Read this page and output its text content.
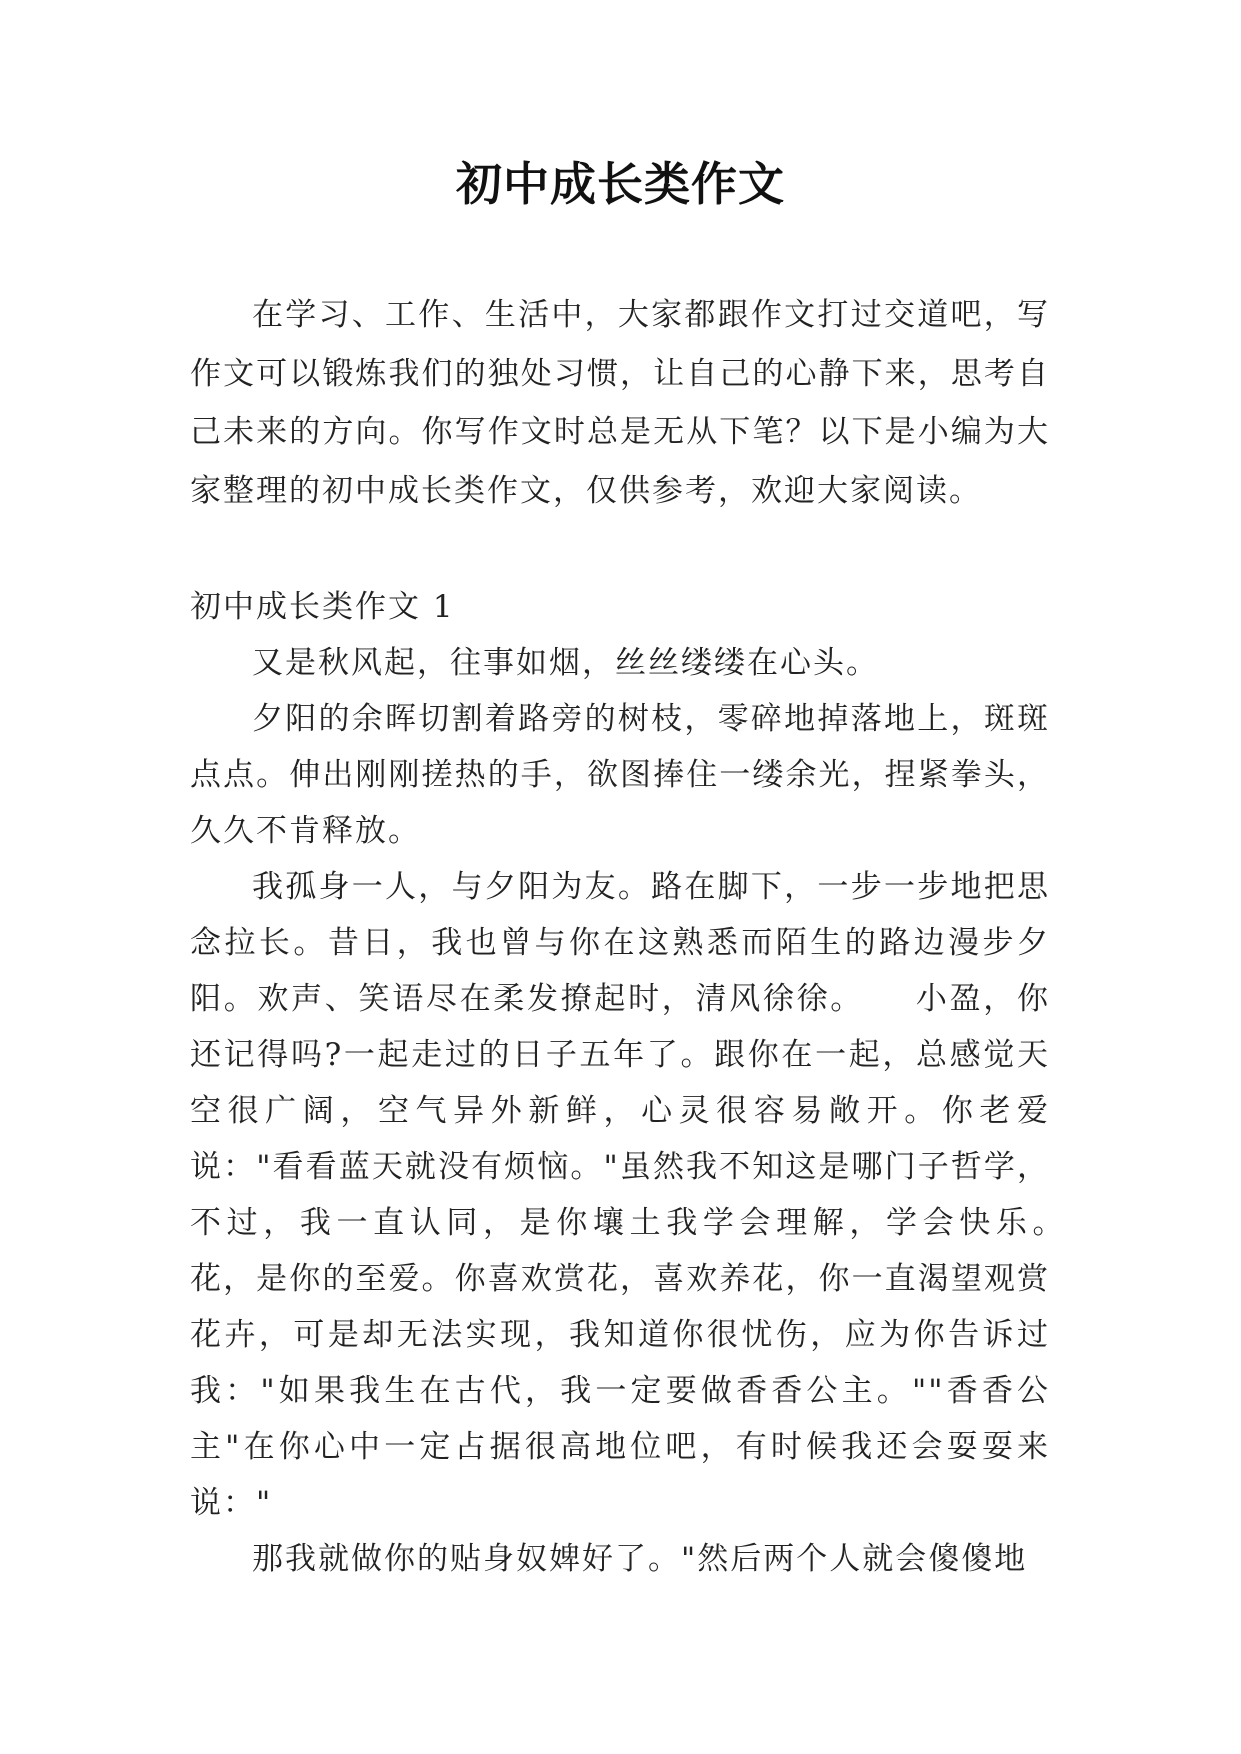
初中成长类作文

在学习、工作、生活中，大家都跟作文打过交道吧，写作文可以锻炼我们的独处习惯，让自己的心静下来，思考自己未来的方向。你写作文时总是无从下笔？以下是小编为大家整理的初中成长类作文，仅供参考，欢迎大家阅读。

初中成长类作文 1

又是秋风起，往事如烟，丝丝缕缕在心头。

夕阳的余晖切割着路旁的树枝，零碎地掉落地上，斑斑点点。伸出刚刚搓热的手，欲图捧住一缕余光，捏紧拳头，久久不肯释放。

我孤身一人，与夕阳为友。路在脚下，一步一步地把思念拉长。昔日，我也曾与你在这熟悉而陌生的路边漫步夕阳。欢声、笑语尽在柔发撩起时，清风徐徐。　　小盈，你还记得吗?一起走过的日子五年了。跟你在一起，总感觉天空很广阔，空气异外新鲜，心灵很容易敞开。你老爱说："看看蓝天就没有烦恼。"虽然我不知这是哪门子哲学，不过，我一直认同，是你壤土我学会理解，学会快乐。　　花，是你的至爱。你喜欢赏花，喜欢养花，你一直渴望观赏花卉，可是却无法实现，我知道你很忧伤，应为你告诉过我："如果我生在古代，我一定要做香香公主。""香香公主"在你心中一定占据很高地位吧，有时候我还会耍耍来说："

那我就做你的贴身奴婢好了。"然后两个人就会傻傻地
